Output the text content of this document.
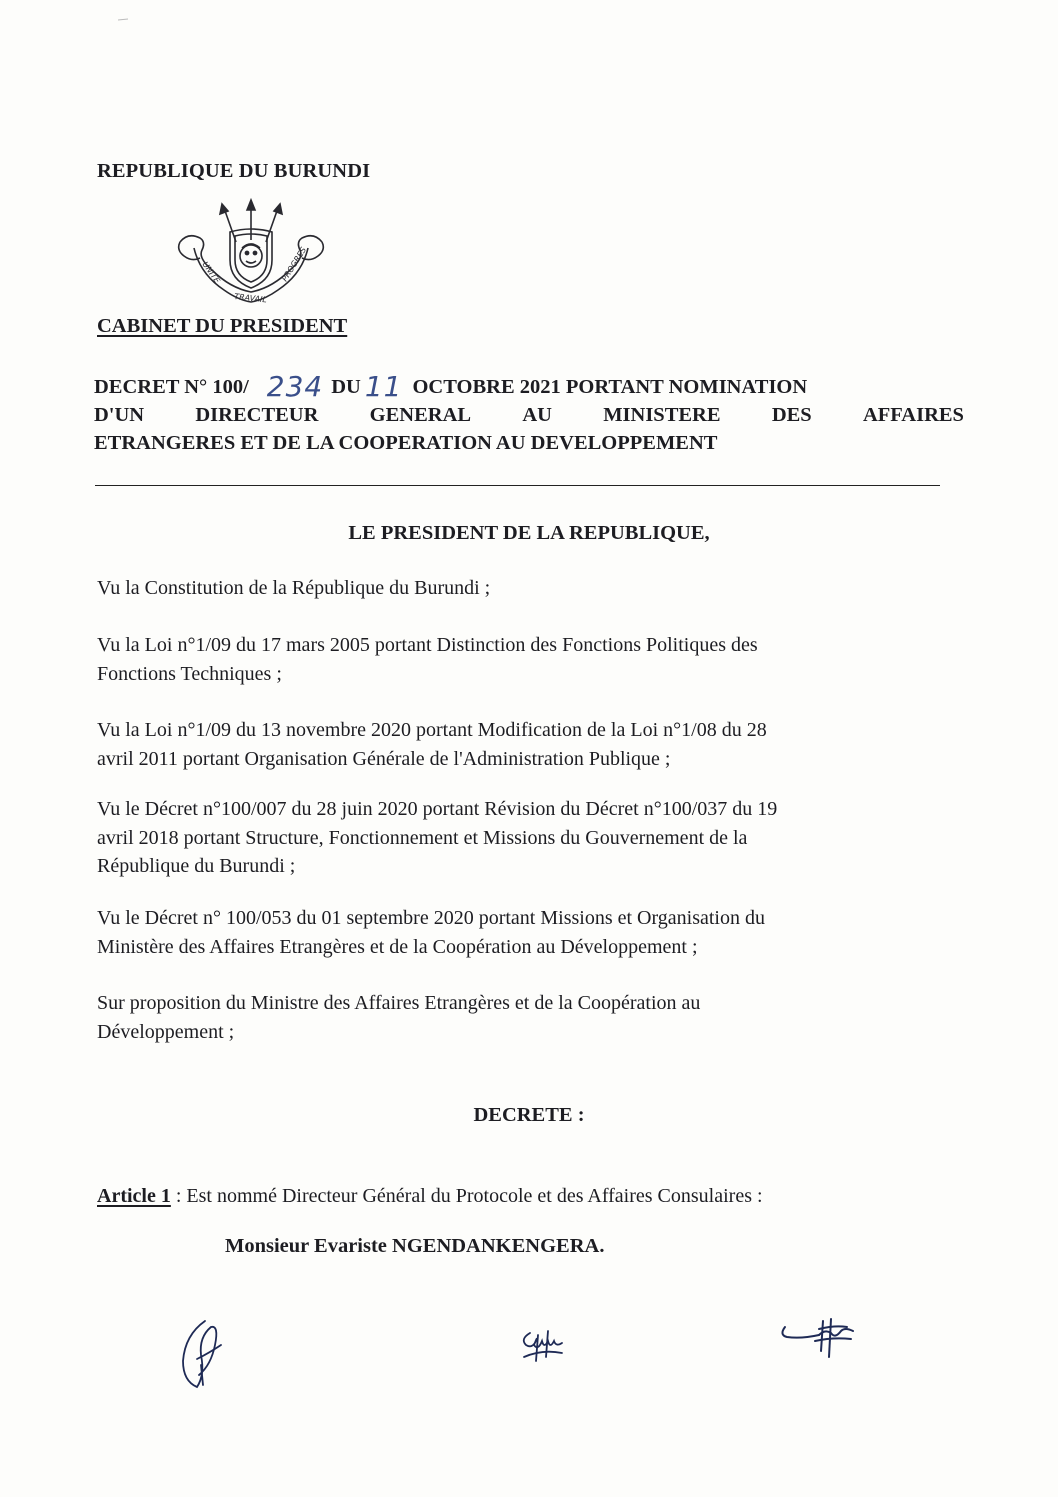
REPUBLIQUE DU BURUNDI
UNITE
TRAVAIL
PROGRES
CABINET DU PRESIDENT
DECRET N° 100/ 234 DU 11 OCTOBRE 2021 PORTANT NOMINATION
D'UN	DIRECTEUR	GENERAL	AU	MINISTERE	DES	AFFAIRES
ETRANGERES ET DE LA COOPERATION AU DEVELOPPEMENT
LE PRESIDENT DE LA REPUBLIQUE,
Vu la Constitution de la République du Burundi ;
Vu la Loi n°1/09 du 17 mars 2005 portant Distinction des Fonctions Politiques des
Fonctions Techniques ;
Vu la Loi n°1/09 du 13 novembre 2020 portant Modification de la Loi n°1/08 du 28
avril 2011 portant Organisation Générale de l'Administration Publique ;
Vu le Décret n°100/007 du 28 juin 2020 portant Révision du Décret n°100/037 du 19
avril 2018 portant Structure, Fonctionnement et Missions du Gouvernement de la
République du Burundi ;
Vu le Décret n° 100/053 du 01 septembre 2020 portant Missions et Organisation du
Ministère des Affaires Etrangères et de la Coopération au Développement ;
Sur proposition du Ministre des Affaires Etrangères et de la Coopération au
Développement ;
DECRETE :
Article 1 : Est nommé Directeur Général du Protocole et des Affaires Consulaires :
Monsieur Evariste NGENDANKENGERA.
